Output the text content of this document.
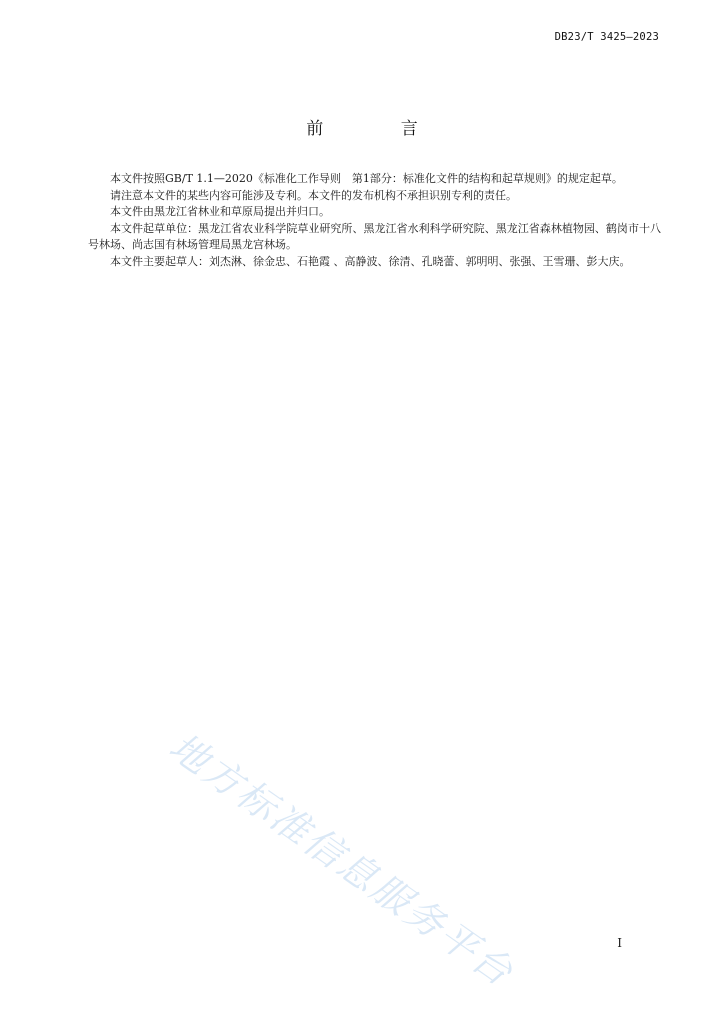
DB23/T 3425—2023
前 言

本文件按照GB/T 1.1—2020《标准化工作导则　第1部分：标准化文件的结构和起草规则》的规定起草。

请注意本文件的某些内容可能涉及专利。本文件的发布机构不承担识别专利的责任。

本文件由黑龙江省林业和草原局提出并归口。

本文件起草单位：黑龙江省农业科学院草业研究所、黑龙江省水利科学研究院、黑龙江省森林植物园、鹤岗市十八号林场、尚志国有林场管理局黑龙宫林场。

本文件主要起草人：刘杰淋、徐金忠、石艳霞 、高静波、徐清、孔晓蕾、郭明明、张强、王雪珊、彭大庆。

地方标准信息服务平台	I
